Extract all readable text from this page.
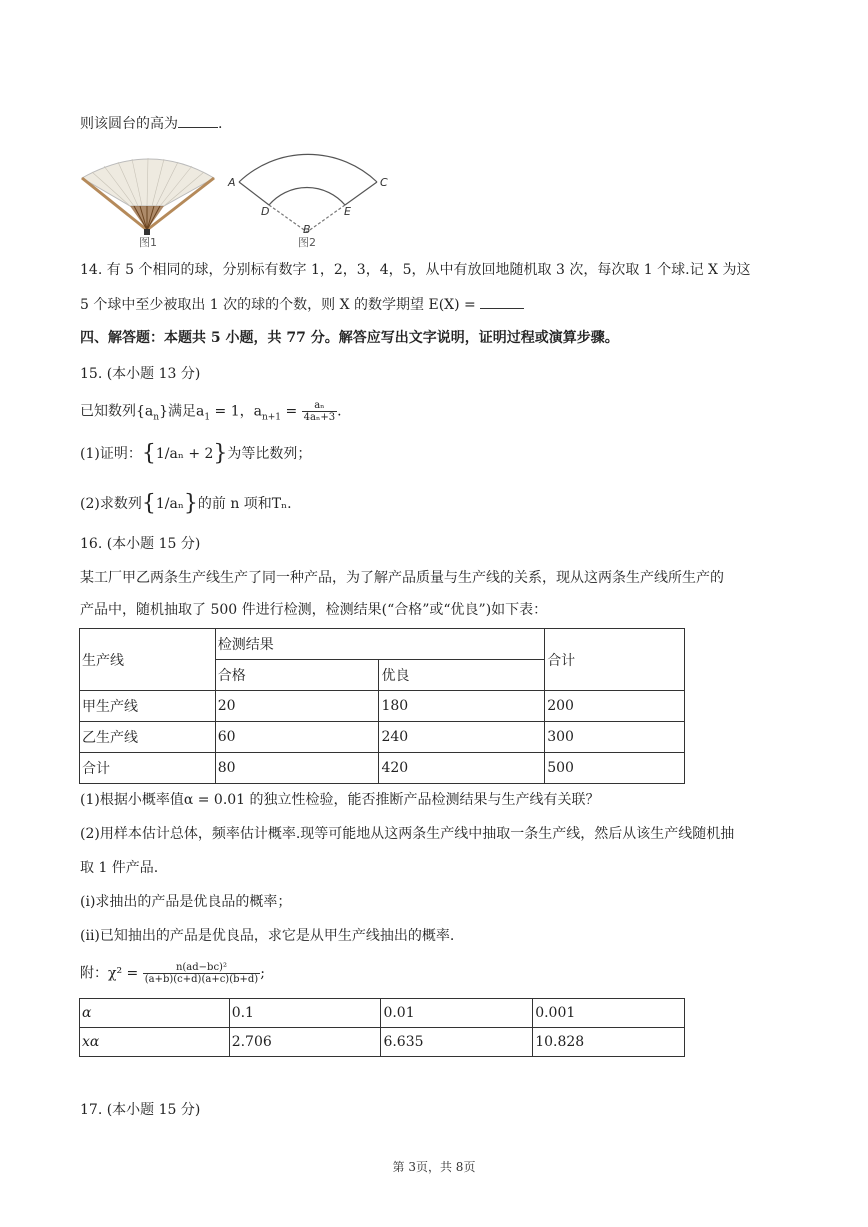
则该圆台的高为	.
图1
A	C
D	E
B
图2
14. 有 5 个相同的球，分别标有数字 1，2，3，4，5，从中有放回地随机取 3 次，每次取 1 个球.记 X 为这
5 个球中至少被取出 1 次的球的个数，则 X 的数学期望 E(X) =
四、解答题：本题共 5 小题，共 77 分。解答应写出文字说明，证明过程或演算步骤。
15. (本小题 13 分)
已知数列$\{a_n\}$满足$a_1 = 1$，$a_{n+1} = \frac{\text{aₙ}}{\text{4aₙ+3}}$ .
(1)证明：{1/aₙ + 2}为等比数列；
(2)求数列{1/aₙ}的前 n 项和Tₙ.
16. (本小题 15 分)
某工厂甲乙两条生产线生产了同一种产品，为了解产品质量与生产线的关系，现从这两条生产线所生产的
产品中，随机抽取了 500 件进行检测，检测结果(“合格”或“优良”)如下表：
生产线	检测结果		合计
	合格	优良	
甲生产线	20	180	200
乙生产线	60	240	300
合计	80	420	500
(1)根据小概率值α = 0.01 的独立性检验，能否推断产品检测结果与生产线有关联？
(2)用样本估计总体，频率估计概率.现等可能地从这两条生产线中抽取一条生产线，然后从该生产线随机抽
取 1 件产品.
(i)求抽出的产品是优良品的概率；
(ii)已知抽出的产品是优良品，求它是从甲生产线抽出的概率.
附：$\chi^2 = \frac{\text{n(ad−bc)²}}{(a+b)(c+d)(a+c)(b+d)}$ ;
α	0.1	0.01	0.001
xα	2.706	6.635	10.828
17. (本小题 15 分)
第 3页，共 8页
